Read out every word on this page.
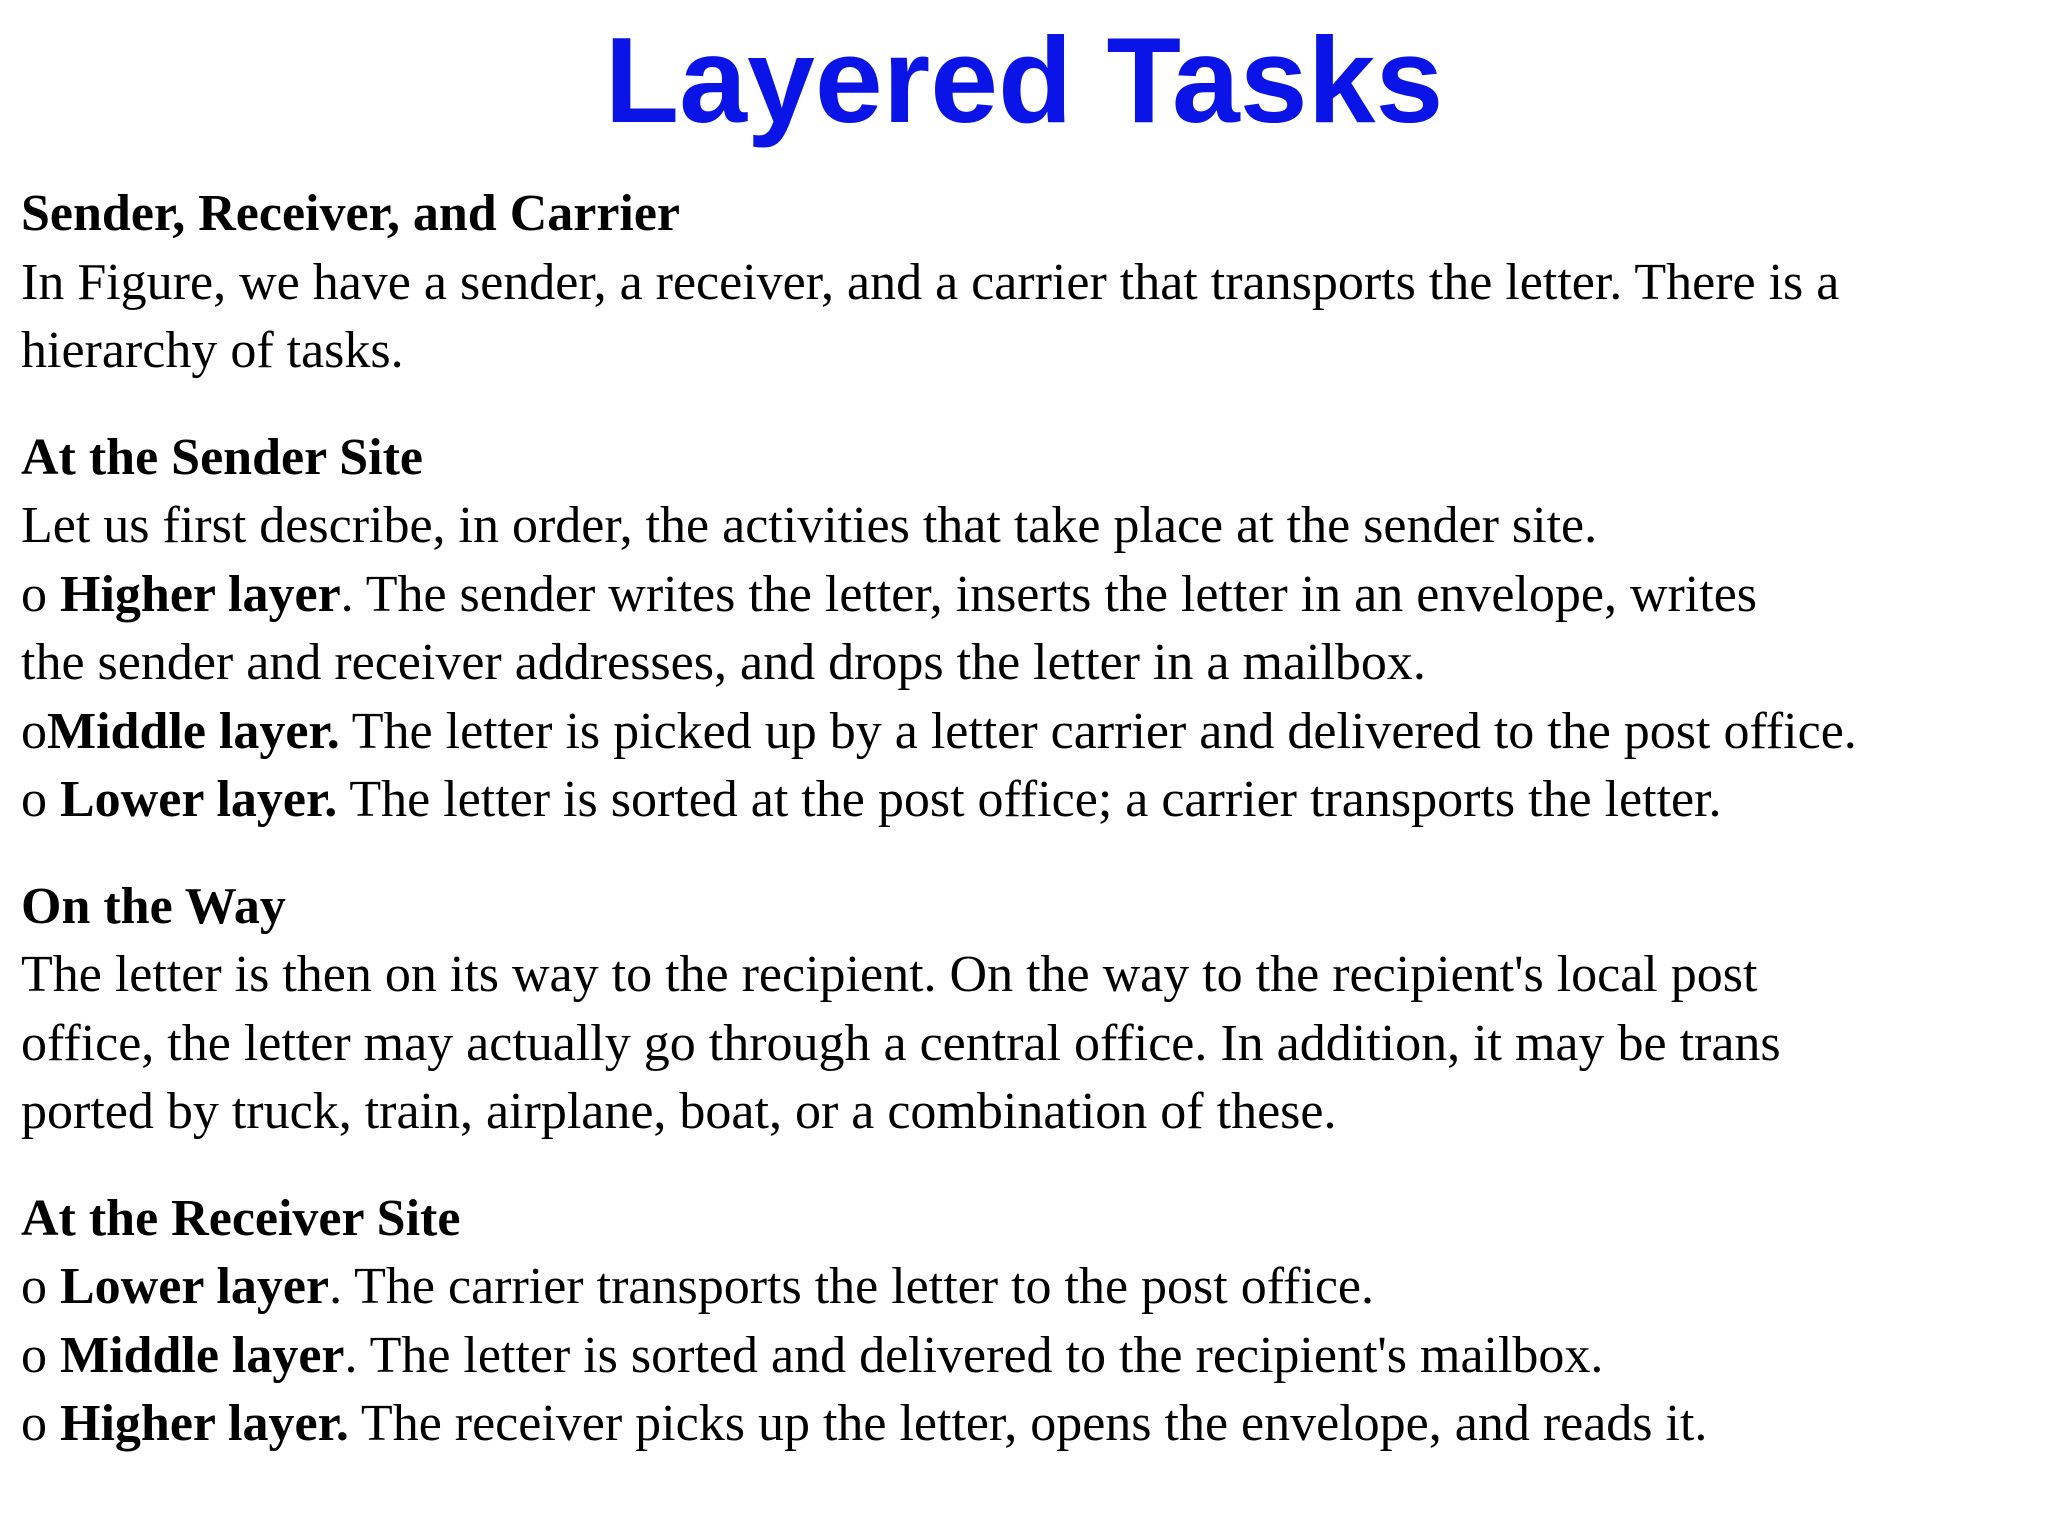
Layered Tasks

Sender, Receiver, and Carrier

In Figure, we have a sender, a receiver, and a carrier that transports the letter. There is a

hierarchy of tasks.

At the Sender Site

Let us first describe, in order, the activities that take place at the sender site.

o Higher layer. The sender writes the letter, inserts the letter in an envelope, writes

the sender and receiver addresses, and drops the letter in a mailbox.

oMiddle layer. The letter is picked up by a letter carrier and delivered to the post office.

o Lower layer. The letter is sorted at the post office; a carrier transports the letter.

On the Way

The letter is then on its way to the recipient. On the way to the recipient's local post

office, the letter may actually go through a central office. In addition, it may be trans

ported by truck, train, airplane, boat, or a combination of these.

At the Receiver Site

o Lower layer. The carrier transports the letter to the post office.

o Middle layer. The letter is sorted and delivered to the recipient's mailbox.

o Higher layer. The receiver picks up the letter, opens the envelope, and reads it.
